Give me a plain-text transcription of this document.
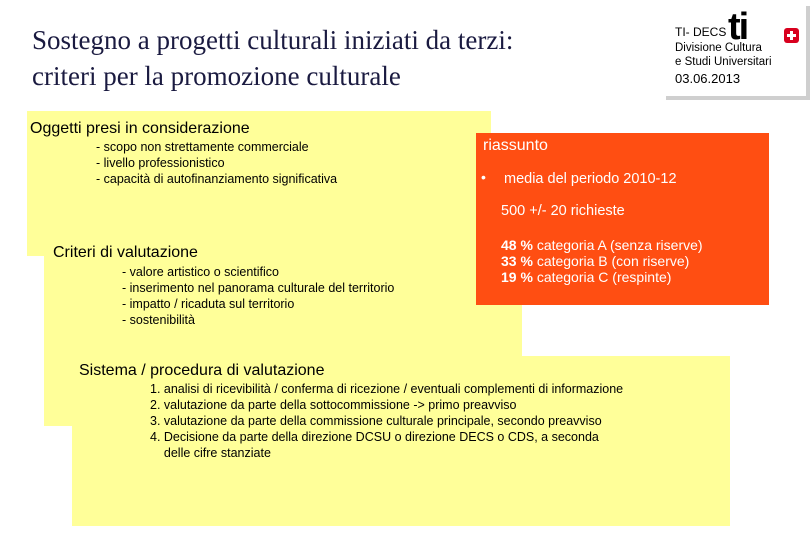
Sostegno a progetti culturali iniziati da terzi:
criteri per la promozione culturale
TI- DECS ti
Divisione Cultura
e Studi Universitari
03.06.2013
Oggetti presi in considerazione
- scopo non strettamente commerciale
- livello professionistico
- capacità di autofinanziamento significativa
Criteri di valutazione
- valore artistico o scientifico
- inserimento nel panorama culturale del territorio
- impatto / ricaduta sul territorio
- sostenibilità
Sistema / procedura di valutazione
1. analisi di ricevibilità / conferma di ricezione / eventuali complementi di informazione
2. valutazione da parte della sottocommissione -> primo preavviso
3. valutazione da parte della commissione culturale principale, secondo preavviso
4. Decisione da parte della direzione DCSU o direzione DECS o CDS, a seconda
delle cifre stanziate
riassunto
• media del periodo 2010-12
500 +/- 20 richieste
48 % categoria A (senza riserve)
33 % categoria B (con riserve)
19 % categoria C (respinte)
